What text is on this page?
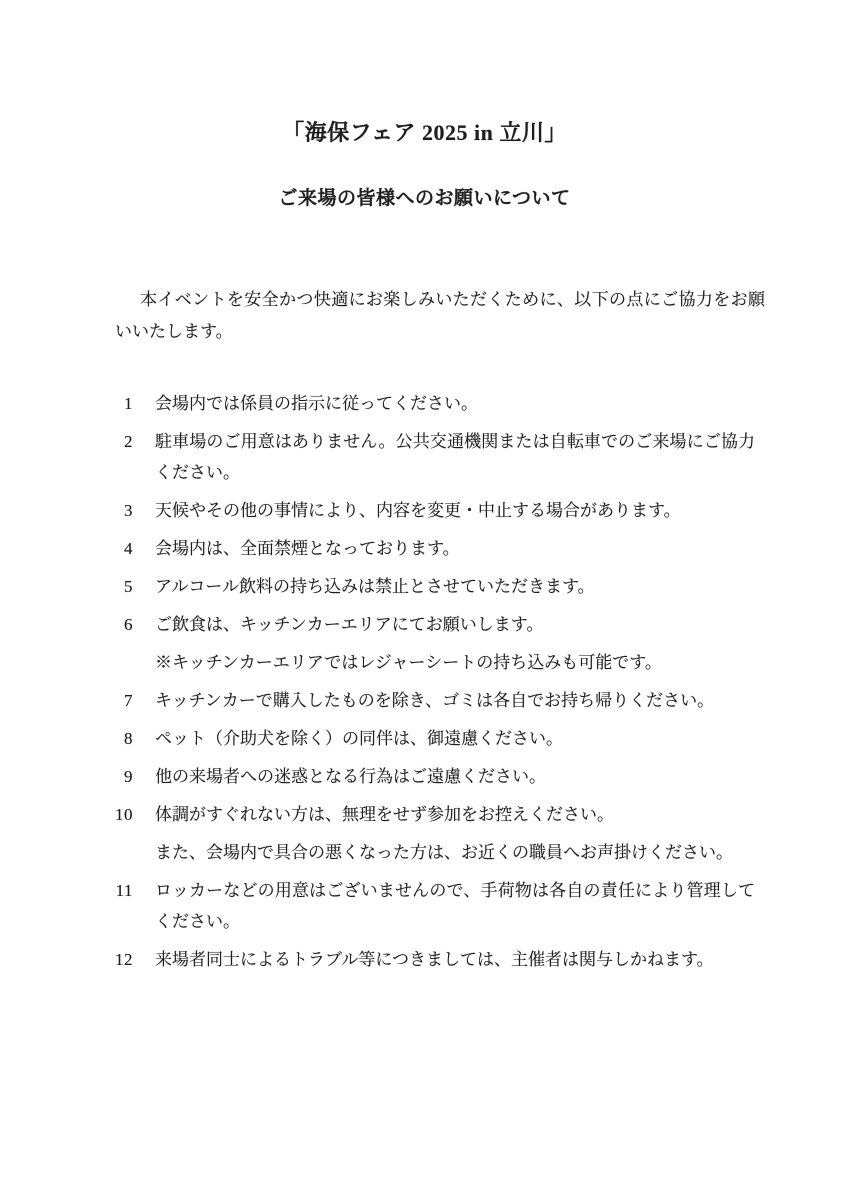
「海保フェア 2025 in 立川」
ご来場の皆様へのお願いについて

本イベントを安全かつ快適にお楽しみいただくために、以下の点にご協力をお願いいたします。

1 会場内では係員の指示に従ってください。

2 駐車場のご用意はありません。公共交通機関または自転車でのご来場にご協力ください。

3 天候やその他の事情により、内容を変更・中止する場合があります。

4 会場内は、全面禁煙となっております。

5 アルコール飲料の持ち込みは禁止とさせていただきます。

6 ご飲食は、キッチンカーエリアにてお願いします。

※キッチンカーエリアではレジャーシートの持ち込みも可能です。

7 キッチンカーで購入したものを除き、ゴミは各自でお持ち帰りください。

8 ペット（介助犬を除く）の同伴は、御遠慮ください。

9 他の来場者への迷惑となる行為はご遠慮ください。

10 体調がすぐれない方は、無理をせず参加をお控えください。

また、会場内で具合の悪くなった方は、お近くの職員へお声掛けください。

11 ロッカーなどの用意はございませんので、手荷物は各自の責任により管理してください。

12 来場者同士によるトラブル等につきましては、主催者は関与しかねます。
